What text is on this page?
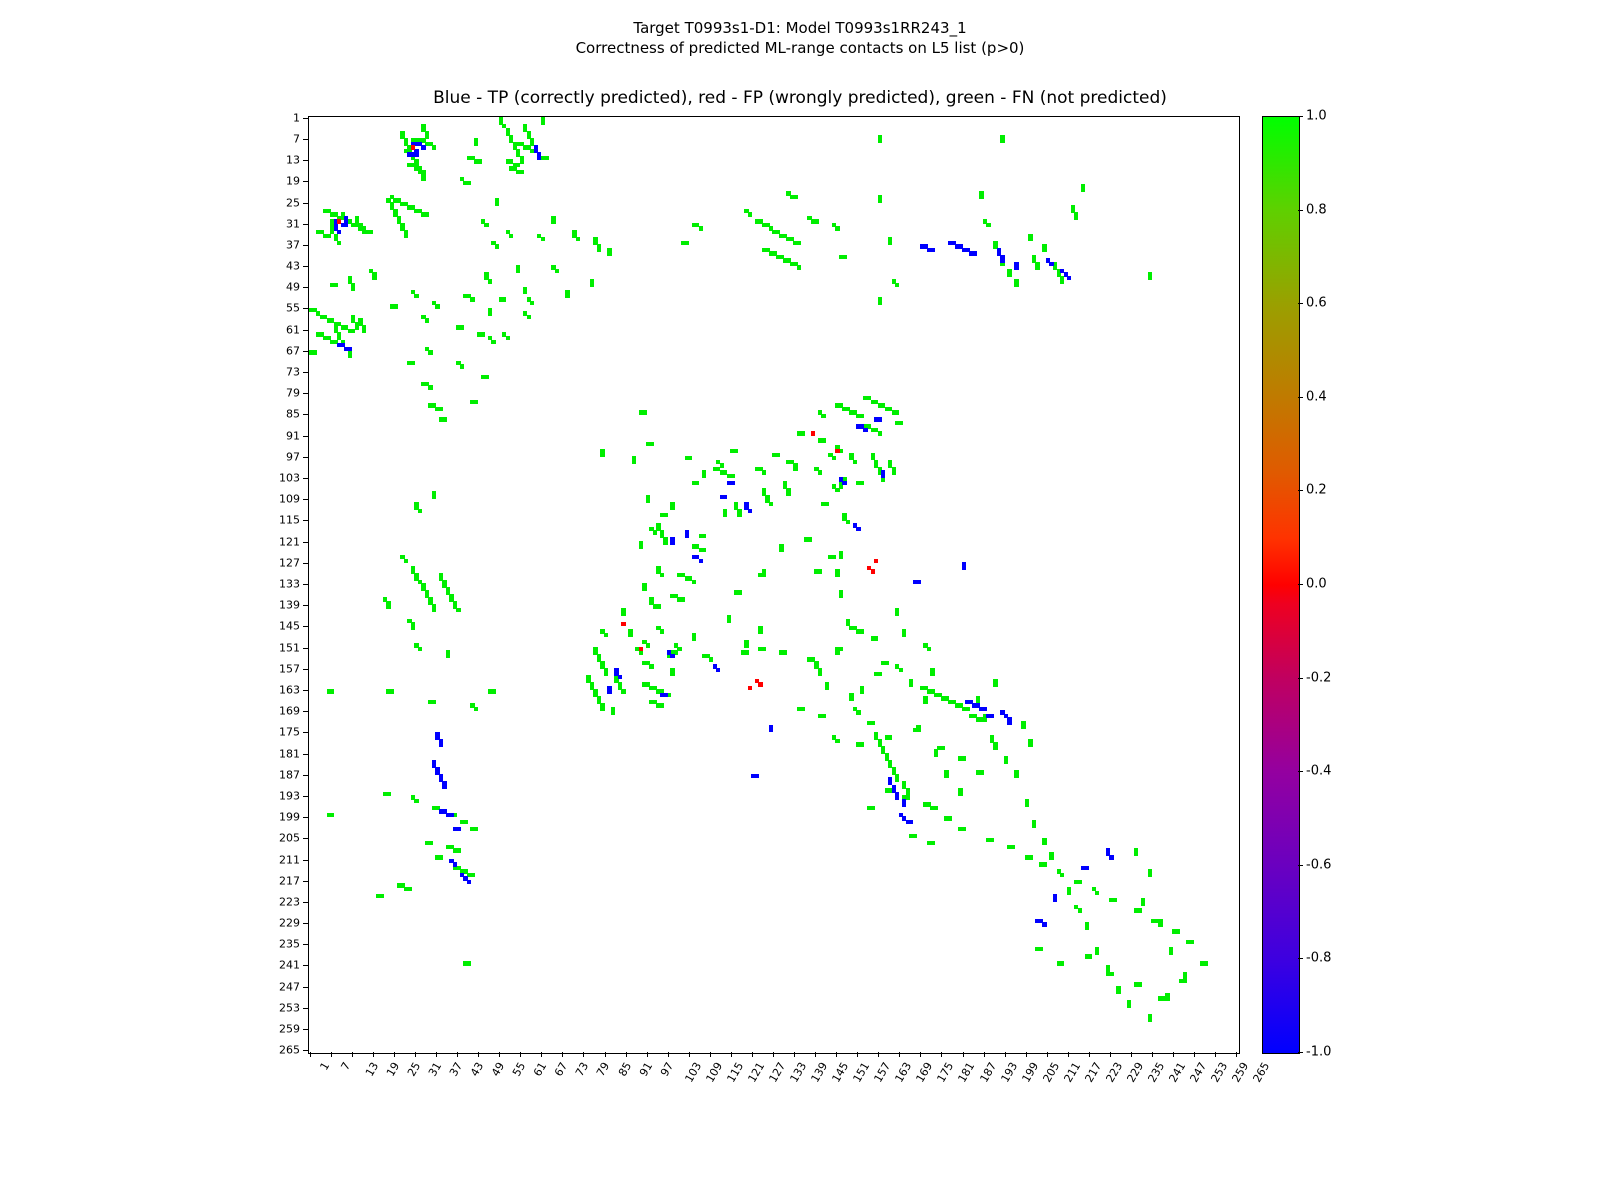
Target T0993s1-D1: Model T0993s1RR243_1
Correctness of predicted ML-range contacts on L5 list (p>0)
Blue - TP (correctly predicted), red - FP (wrongly predicted), green - FN (not predicted)
1
7
13
19
25
31
37
43
49
55
61
67
73
79
85
91
97
103
109
115
121
127
133
139
145
151
157
163
169
175
181
187
193
199
205
211
217
223
229
235
241
247
253
259
265
1 7 13 19 25 31 37 43 49 55 61 67 73 79 85 91 97 103 109 115 121 127 133 139 145 151 157 163 169 175 181 187 193 199 205 211 217 223 229 235 241 247 253 259 265
1.0
0.8
0.6
0.4
0.2
0.0
-0.2
-0.4
-0.6
-0.8
-1.0
